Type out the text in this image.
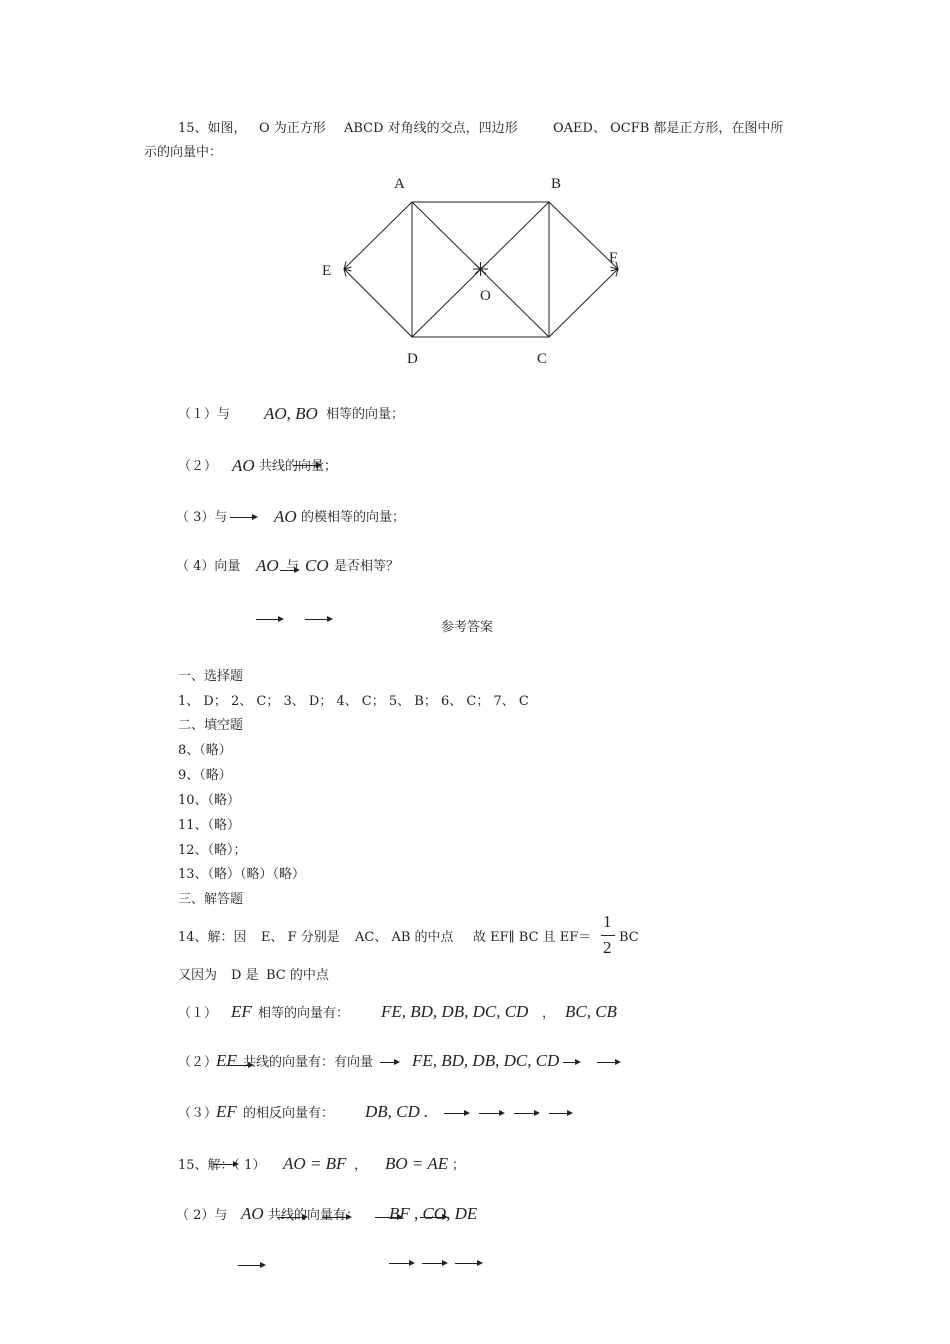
15、如图， O 为正方形 ABCD 对角线的交点，四边形	OAED、 OCFB 都是正方形，在图中所
示的向量中：
A	B
E
F
O
D	C
（１）与 AO, BO 相等的向量；
（２） AO 共线的向量；
（ 3）与	AO 的模相等的向量；
（ 4）向量 AO 与 CO 是否相等？
参考答案
一、选择题
1、 D； 2、 C； 3、 D； 4、 C； 5、 B； 6、 C； 7、 C
二、填空题
8、（略）
9、（略）
10、（略）
11、（略）
12、（略）；
13、（略）（略）（略）
三、解答题
14、解：因 E、 F 分别是 AC、 AB 的中点 故 EF∥ BC 且 EF＝
1
2
BC
又因为 D 是 BC 的中点
（１） EF 相等的向量有： FE, BD, DB, DC, CD ， BC, CB
（２）
EF 共线的向量有：有向量 FE, BD, DB, DC, CD
（３）
EF 的相反向量有： DB, CD .
15、解：（ 1） AO = BF ， BO = AE ；
（ 2）与 AO 共线的向量有： BF , CO, DE
